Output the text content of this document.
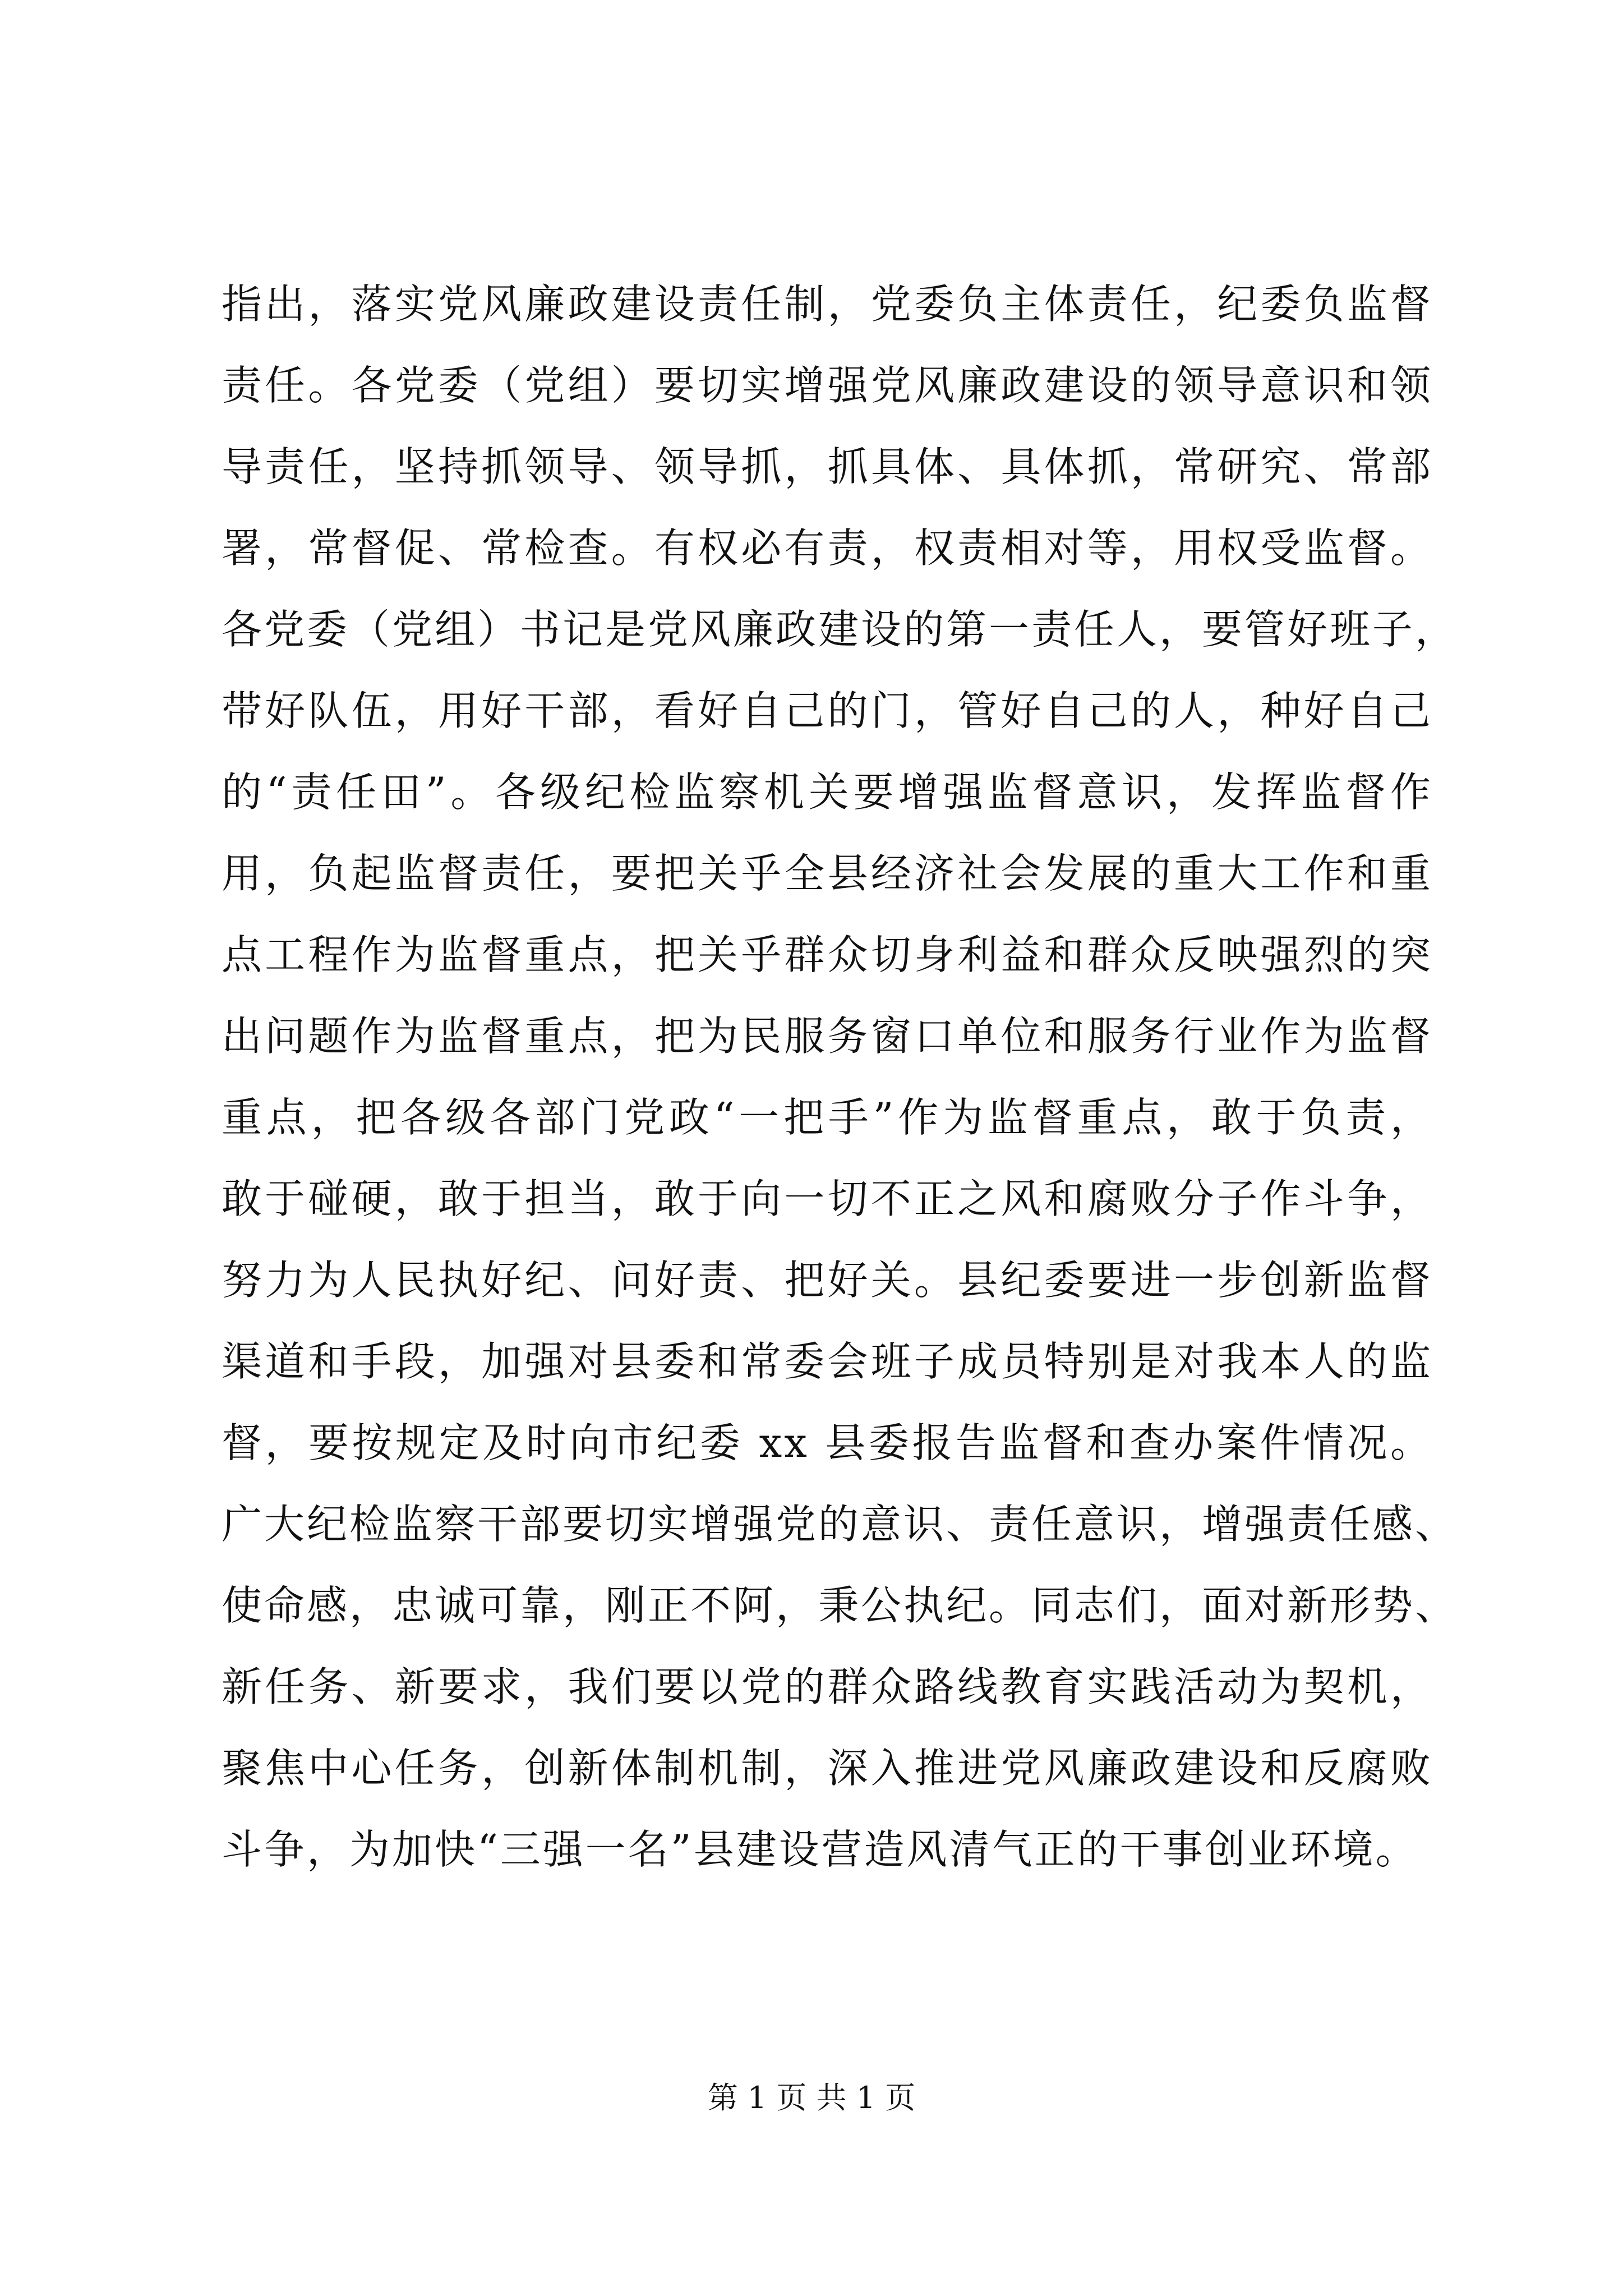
指出，落实党风廉政建设责任制，党委负主体责任，纪委负监督
责任。各党委（党组）要切实增强党风廉政建设的领导意识和领
导责任，坚持抓领导、领导抓，抓具体、具体抓，常研究、常部
署，常督促、常检查。有权必有责，权责相对等，用权受监督。
各党委（党组）书记是党风廉政建设的第一责任人，要管好班子，
带好队伍，用好干部，看好自己的门，管好自己的人，种好自己
的“责任田”。各级纪检监察机关要增强监督意识，发挥监督作
用，负起监督责任，要把关乎全县经济社会发展的重大工作和重
点工程作为监督重点，把关乎群众切身利益和群众反映强烈的突
出问题作为监督重点，把为民服务窗口单位和服务行业作为监督
重点，把各级各部门党政“一把手”作为监督重点，敢于负责，
敢于碰硬，敢于担当，敢于向一切不正之风和腐败分子作斗争，
努力为人民执好纪、问好责、把好关。县纪委要进一步创新监督
渠道和手段，加强对县委和常委会班子成员特别是对我本人的监
督，要按规定及时向市纪委 xx 县委报告监督和查办案件情况。
广大纪检监察干部要切实增强党的意识、责任意识，增强责任感、
使命感，忠诚可靠，刚正不阿，秉公执纪。同志们，面对新形势、
新任务、新要求，我们要以党的群众路线教育实践活动为契机，
聚焦中心任务，创新体制机制，深入推进党风廉政建设和反腐败
斗争，为加快“三强一名”县建设营造风清气正的干事创业环境。
第 1 页 共 1 页
